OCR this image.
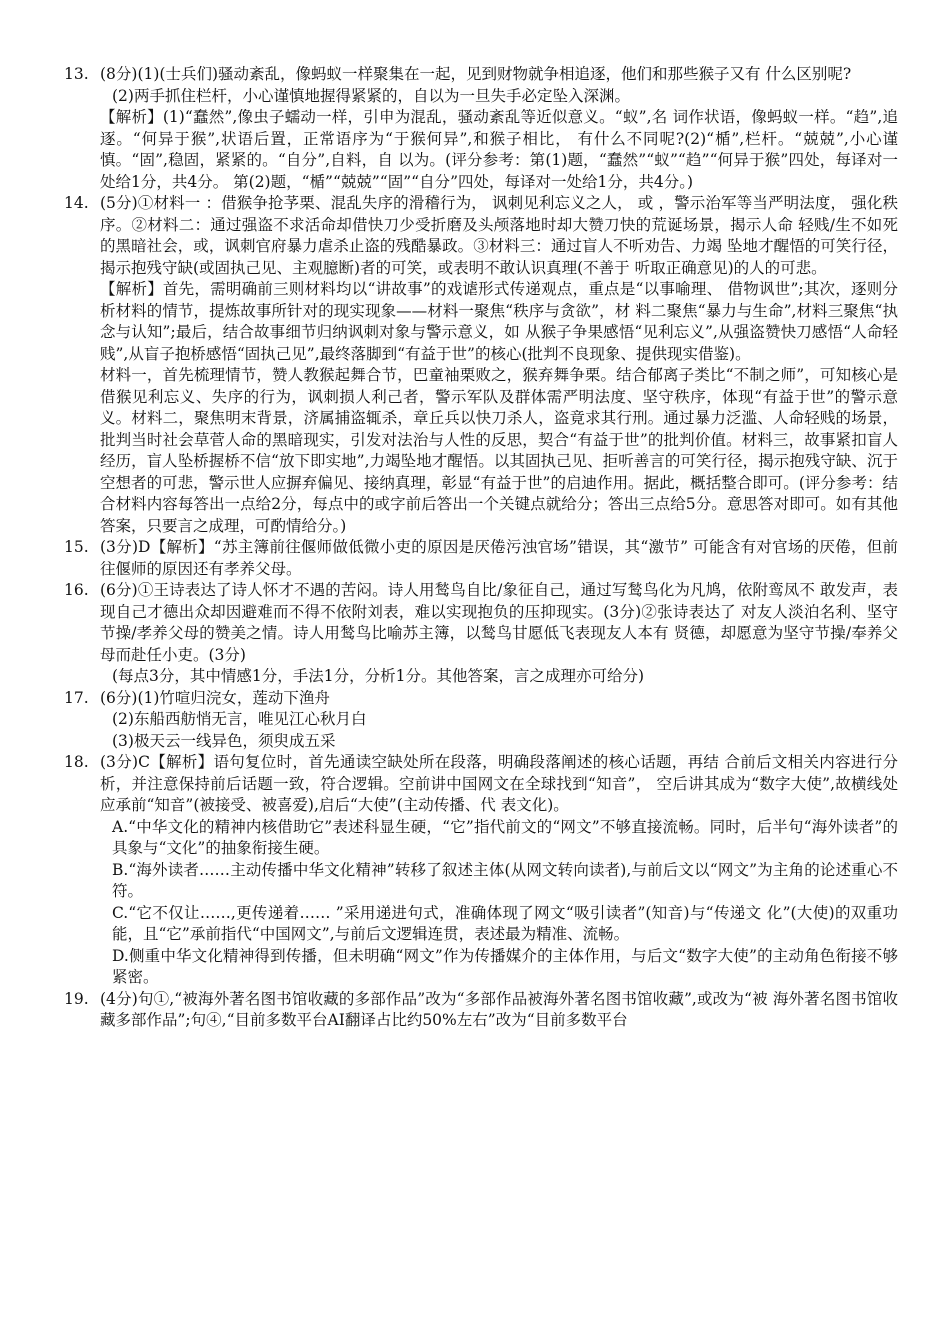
13. (8分)(1)(士兵们)骚动紊乱，像蚂蚁一样聚集在一起，见到财物就争相追逐，他们和那些猴子又有 什么区别呢?

(2)两手抓住栏杆，小心谨慎地握得紧紧的，自以为一旦失手必定坠入深渊。

【解析】(1)“蠢然”,像虫子蠕动一样，引申为混乱，骚动紊乱等近似意义。“蚁”,名 词作状语，像蚂蚁一样。“趋”,追逐。“何异于猴”,状语后置，正常语序为“于猴何异”,和猴子相比， 有什么不同呢?(2)“楯”,栏杆。“兢兢”,小心谨慎。“固”,稳固，紧紧的。“自分”,自料，自 以为。(评分参考：第(1)题，“蠢然”“蚁”“趋”“何异于猴”四处，每译对一处给1分，共4分。 第(2)题，“楯”“兢兢”“固”“自分”四处，每译对一处给1分，共4分。)

14. (5分)①材料一 ：借猴争抢芧栗、混乱失序的滑稽行为， 讽刺见利忘义之人， 或 ，警示治军等当严明法度， 强化秩序。②材料二：通过强盗不求活命却借快刀少受折磨及头颅落地时却大赞刀快的荒诞场景，揭示人命 轻贱/生不如死的黑暗社会，或，讽刺官府暴力虐杀止盗的残酷暴政。③材料三：通过盲人不听劝告、力竭 坠地才醒悟的可笑行径，揭示抱残守缺(或固执己见、主观臆断)者的可笑，或表明不敢认识真理(不善于 听取正确意见)的人的可悲。

【解析】首先，需明确前三则材料均以“讲故事”的戏谑形式传递观点，重点是“以事喻理、 借物讽世”;其次，逐则分析材料的情节，提炼故事所针对的现实现象——材料一聚焦“秩序与贪欲”，材 料二聚焦“暴力与生命”,材料三聚焦“执念与认知”;最后，结合故事细节归纳讽刺对象与警示意义，如 从猴子争果感悟“见利忘义”,从强盗赞快刀感悟“人命轻贱”,从盲子抱桥感悟“固执己见”,最终落脚到“有益于世”的核心(批判不良现象、提供现实借鉴)。

材料一，首先梳理情节，赞人教猴起舞合节，巴童袖栗败之，猴弃舞争栗。结合郁离子类比“不制之师”，可知核心是借猴见利忘义、失序的行为，讽刺损人利己者，警示军队及群体需严明法度、坚守秩序，体现“有益于世”的警示意义。材料二，聚焦明末背景，济属捕盗辄杀，章丘兵以快刀杀人，盗竟求其行刑。通过暴力泛滥、人命轻贱的场景，批判当时社会草菅人命的黑暗现实，引发对法治与人性的反思，契合“有益于世”的批判价值。材料三，故事紧扣盲人经历，盲人坠桥握桥不信“放下即实地”,力竭坠地才醒悟。以其固执己见、拒听善言的可笑行径，揭示抱残守缺、沉于空想者的可悲，警示世人应摒弃偏见、接纳真理，彰显“有益于世”的启迪作用。据此，概括整合即可。(评分参考：结合材料内容每答出一点给2分，每点中的或字前后答出一个关键点就给分；答出三点给5分。意思答对即可。如有其他答案，只要言之成理，可酌情给分。)

15. (3分)D【解析】“苏主簿前往偃师做低微小吏的原因是厌倦污浊官场”错误，其“激节” 可能含有对官场的厌倦，但前往偃师的原因还有孝养父母。

16. (6分)①王诗表达了诗人怀才不遇的苦闷。诗人用鹙鸟自比/象征自己，通过写鹙鸟化为凡鸠，依附鸾凤不 敢发声，表现自己才德出众却因避难而不得不依附刘表，难以实现抱负的压抑现实。(3分)②张诗表达了 对友人淡泊名利、坚守节操/孝养父母的赞美之情。诗人用鹙鸟比喻苏主簿，以鹙鸟甘愿低飞表现友人本有 贤德，却愿意为坚守节操/奉养父母而赴任小吏。(3分)

(每点3分，其中情感1分，手法1分，分析1分。其他答案，言之成理亦可给分)

17. (6分)(1)竹喧归浣女，莲动下渔舟

(2)东船西舫悄无言，唯见江心秋月白

(3)极天云一线异色，须臾成五采

18. (3分)C【解析】语句复位时，首先通读空缺处所在段落，明确段落阐述的核心话题，再结 合前后文相关内容进行分析，并注意保持前后话题一致，符合逻辑。空前讲中国网文在全球找到“知音”， 空后讲其成为“数字大使”,故横线处应承前“知音”(被接受、被喜爱),启后“大使”(主动传播、代 表文化)。

A.“中华文化的精神内核借助它”表述科显生硬，“它”指代前文的“网文”不够直接流畅。同时，后半句“海外读者”的具象与“文化”的抽象衔接生硬。

B.“海外读者……主动传播中华文化精神”转移了叙述主体(从网文转向读者),与前后文以“网文”为主角的论述重心不符。

C.“它不仅让……,更传递着…… ”采用递进句式，准确体现了网文“吸引读者”(知音)与“传递文 化”(大使)的双重功能，且“它”承前指代“中国网文”,与前后文逻辑连贯，表述最为精准、流畅。

D.侧重中华文化精神得到传播，但未明确“网文”作为传播媒介的主体作用，与后文“数字大使”的主动角色衔接不够紧密。

19. (4分)句①,“被海外著名图书馆收藏的多部作品”改为“多部作品被海外著名图书馆收藏”,或改为“被 海外著名图书馆收藏多部作品”;句④,“目前多数平台AI翻译占比约50%左右”改为“目前多数平台
